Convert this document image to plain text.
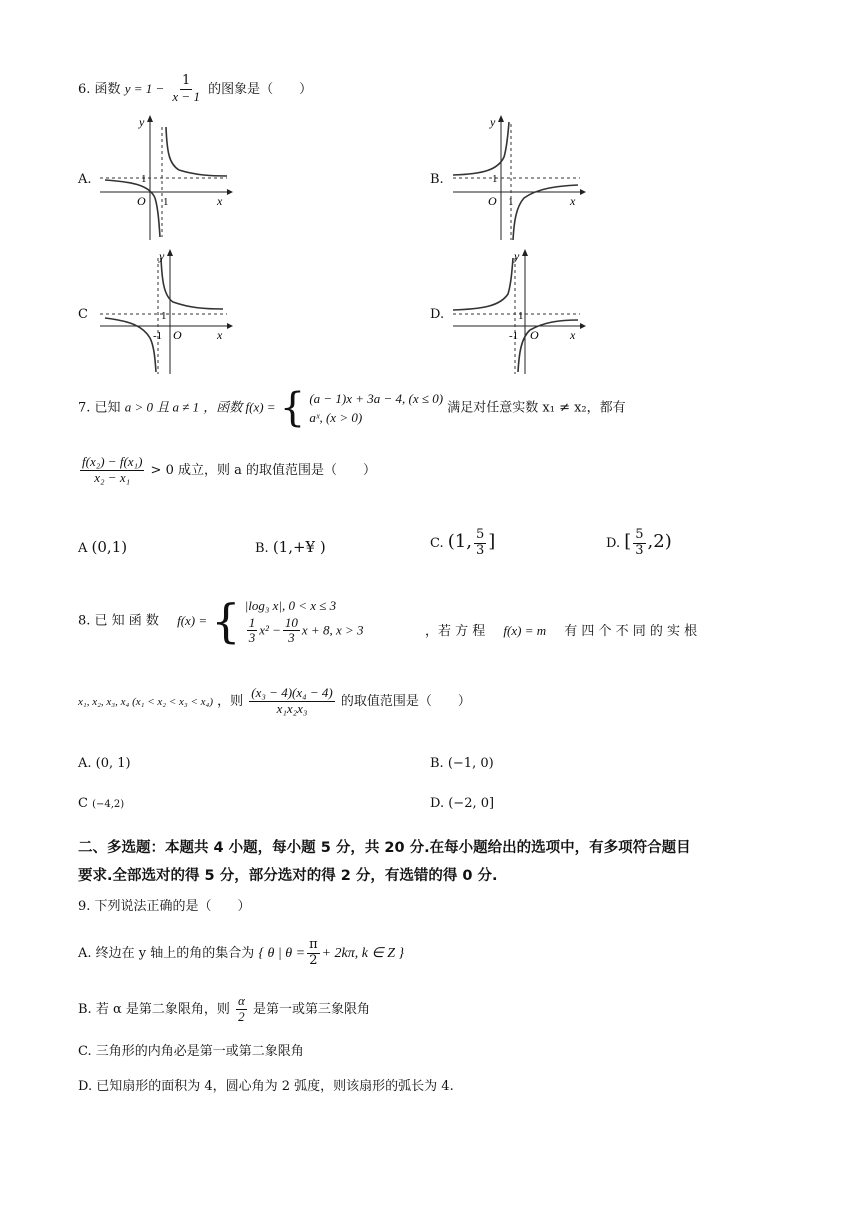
6. 函数 $y = 1 - \frac{1}{x - 1}$ 的图象是（　　）
A.	B.
C	D.
y
1
O 1	x
y
1
O 1	x
y
1
-1 O	x
y
1
-1 O	x
7. 已知 a > 0 且 a ≠ 1 ，函数 f(x) = { (a − 1)x + 3a − 4, (x ≤ 0)
aˣ, (x > 0)
满足对任意实数 x₁ ≠ x₂，都有
$\frac{\text{f(x₂) − f(x₁)}}{\text{x₂ − x₁}} > 0$ 成立，则 a 的取值范围是（　　）
A (0,1)	B. (1,+¥ )	C. (1, $\frac{5}{3}$ ]	D. [ $\frac{5}{3} ,2$)
8. 已 知 函 数 f(x) = { |log₃ x|, 0 < x ≤ 3
$\frac{1}{3} x^2 - \frac{10}{3}$ x + 8, x > 3	，若 方 程 f(x) = m 有 四 个 不 同 的 实 根
x₁, x₂, x₃, x₄ (x₁ < x₂ < x₃ < x₄) ，则 $\frac{\text{(x₃ − 4)(x₄ − 4)}}{\text{x₁x₂x₃}}$ 的取值范围是（　　）
A. (0, 1)	B. (−1, 0)
C (−4,2)	D. (−2, 0]
二、多选题：本题共 4 小题，每小题 5 分，共 20 分.在每小题给出的选项中，有多项符合题目
要求.全部选对的得 5 分，部分选对的得 2 分，有选错的得 0 分.
9. 下列说法正确的是（　　）
A. 终边在 y 轴上的角的集合为 { θ | $\theta = \frac{\pi}{2} + 2k\pi$, k ∈ Z }
B. 若 α 是第二象限角，则 $\frac{\alpha}{2}$ 是第一或第三象限角
C. 三角形的内角必是第一或第二象限角
D. 已知扇形的面积为 4，圆心角为 2 弧度，则该扇形的弧长为 4.
